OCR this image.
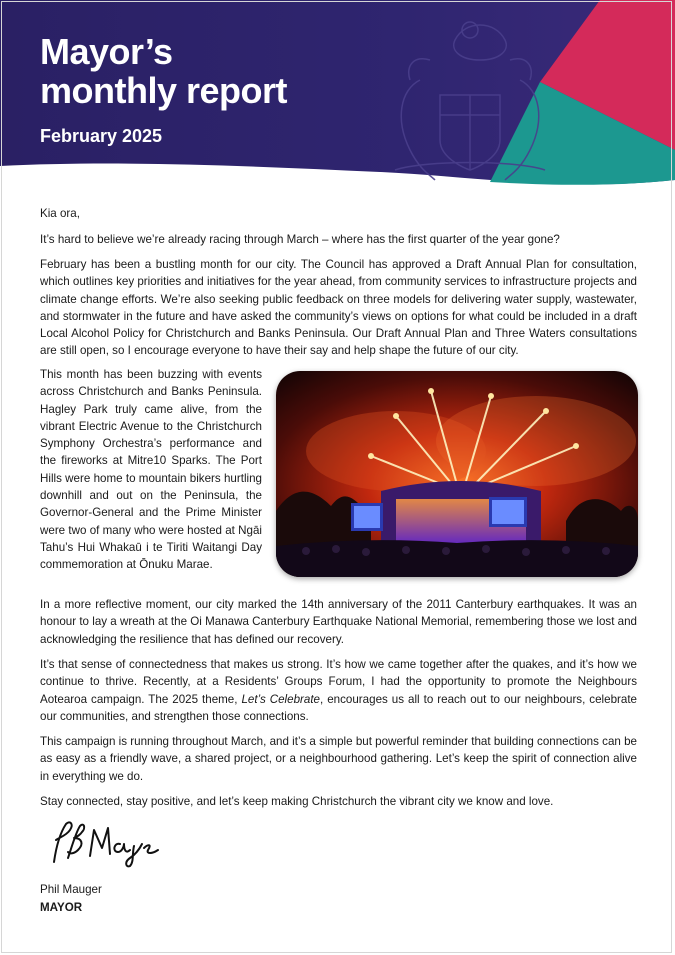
Mayor’s
monthly report

February 2025

Kia ora,

It’s hard to believe we’re already racing through March – where has the first quarter of the year gone?

February has been a bustling month for our city. The Council has approved a Draft Annual Plan for consultation, which outlines key priorities and initiatives for the year ahead, from community services to infrastructure projects and climate change efforts. We’re also seeking public feedback on three models for delivering water supply, wastewater, and stormwater in the future and have asked the community’s views on options for what could be included in a draft Local Alcohol Policy for Christchurch and Banks Peninsula. Our Draft Annual Plan and Three Waters consultations are still open, so I encourage everyone to have their say and help shape the future of our city.

This month has been buzzing with events across Christchurch and Banks Peninsula. Hagley Park truly came alive, from the vibrant Electric Avenue to the Christchurch Symphony Orchestra’s performance and the fireworks at Mitre10 Sparks. The Port Hills were home to mountain bikers hurtling downhill and out on the Peninsula, the Governor-General and the Prime Minister were two of many who were hosted at Ngāi Tahu’s Hui Whakaū i te Tiriti Waitangi Day commemoration at Ōnuku Marae.

In a more reflective moment, our city marked the 14th anniversary of the 2011 Canterbury earthquakes. It was an honour to lay a wreath at the Oi Manawa Canterbury Earthquake National Memorial, remembering those we lost and acknowledging the resilience that has defined our recovery.

It’s that sense of connectedness that makes us strong. It’s how we came together after the quakes, and it’s how we continue to thrive. Recently, at a Residents’ Groups Forum, I had the opportunity to promote the Neighbours Aotearoa campaign. The 2025 theme, Let’s Celebrate, encourages us all to reach out to our neighbours, celebrate our communities, and strengthen those connections.

This campaign is running throughout March, and it’s a simple but powerful reminder that building connections can be as easy as a friendly wave, a shared project, or a neighbourhood gathering. Let’s keep the spirit of connection alive in everything we do.

Stay connected, stay positive, and let’s keep making Christchurch the vibrant city we know and love.

Phil Mauger

MAYOR
